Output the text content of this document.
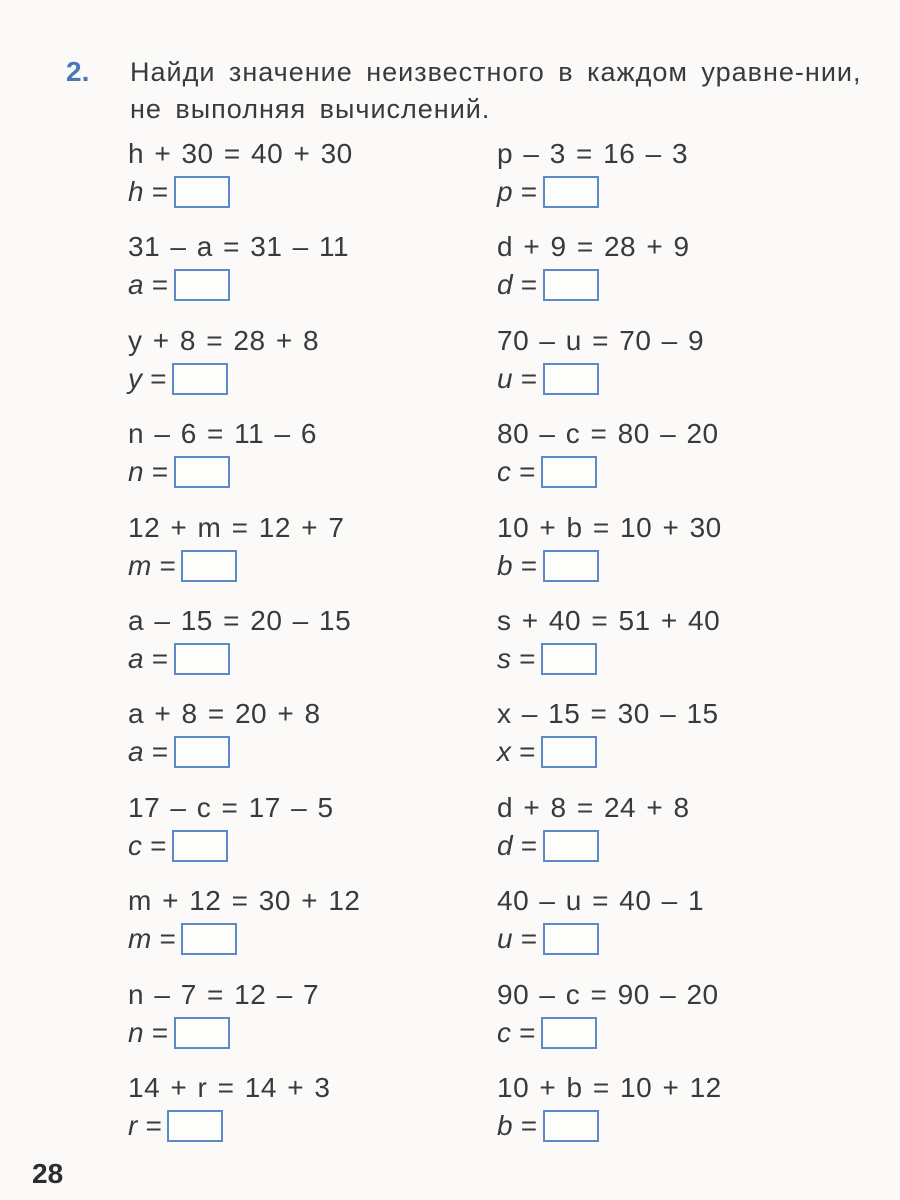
2. Найди значение неизвестного в каждом уравне-нии, не выполняя вычислений.
h + 30 = 40 + 30
h =
31 – a = 31 – 11
a =
y + 8 = 28 + 8
y =
n – 6 = 11 – 6
n =
12 + m = 12 + 7
m =
a – 15 = 20 – 15
a =
a + 8 = 20 + 8
a =
17 – c = 17 – 5
c =
m + 12 = 30 + 12
m =
n – 7 = 12 – 7
n =
14 + r = 14 + 3
r =
p – 3 = 16 – 3
p =
d + 9 = 28 + 9
d =
70 – u = 70 – 9
u =
80 – c = 80 – 20
c =
10 + b = 10 + 30
b =
s + 40 = 51 + 40
s =
x – 15 = 30 – 15
x =
d + 8 = 24 + 8
d =
40 – u = 40 – 1
u =
90 – c = 90 – 20
c =
10 + b = 10 + 12
b =
28
